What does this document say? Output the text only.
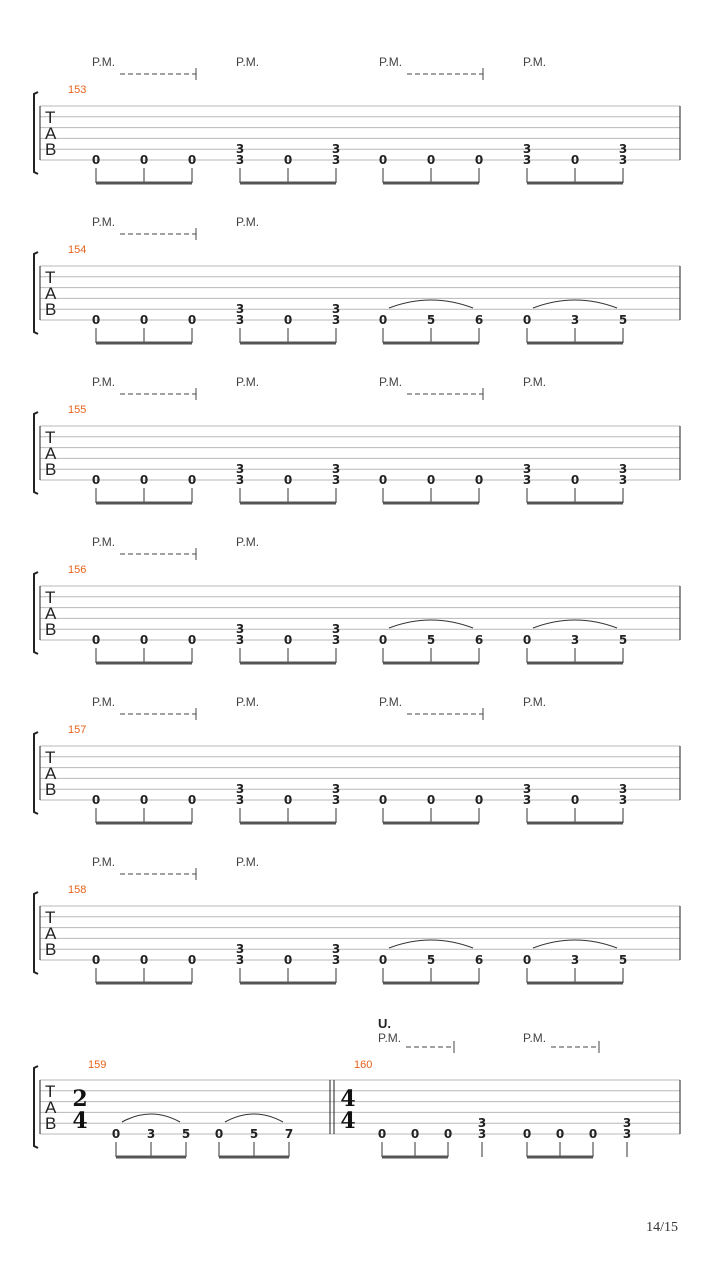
T
A
B
153
P.M.	P.M.	P.M.	P.M.
0	0	0	3
3
0	3
3
0	0	0	3
3
0	3
3
T
A
B
154
P.M.	P.M.
0	0	0	3
3
0	3
3
0	5	6	0	3	5
T
A
B
155
P.M.	P.M.	P.M.	P.M.
0	0	0	3
3
0	3
3
0	0	0	3
3
0	3
3
T
A
B
156
P.M.	P.M.
0	0	0	3
3
0	3
3
0	5	6	0	3	5
T
A
B
157
P.M.	P.M.	P.M.	P.M.
0	0	0	3
3
0	3
3
0	0	0	3
3
0	3
3
T
A
B
158
P.M.	P.M.
0	0	0	3
3
0	3
3
0	5	6	0	3	5
T
A
B
159	160
2
4
4
4
U.
P.M.	P.M.
0 3 5 0 5 7	0 0 0 3
3
0 0 0 3
3
14/15
